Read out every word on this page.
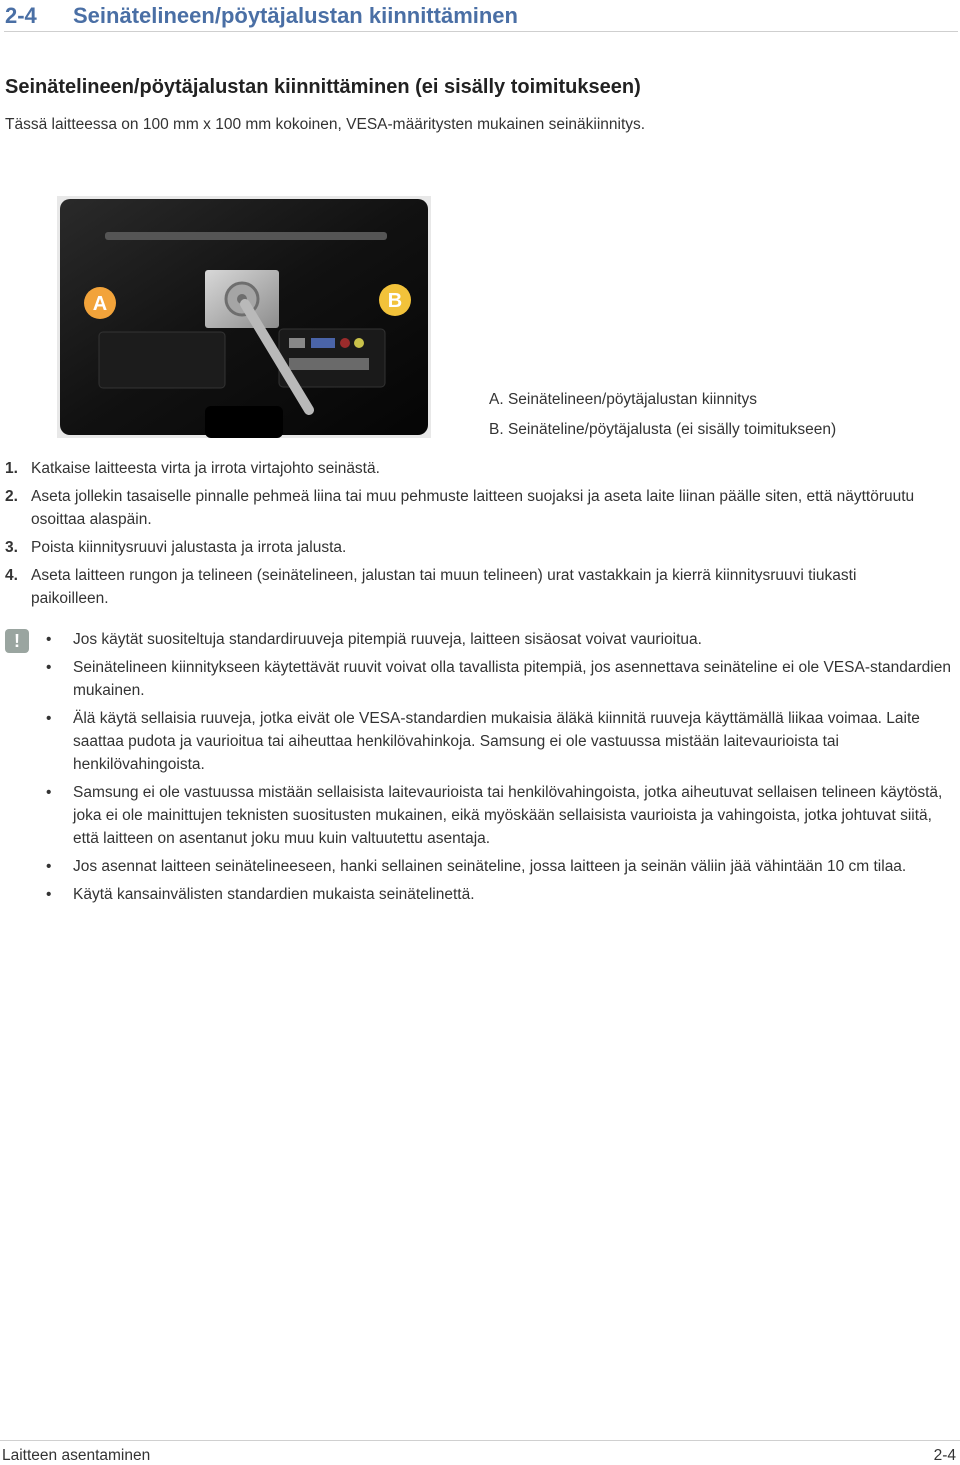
2-4 Seinätelineen/pöytäjalustan kiinnittäminen
Seinätelineen/pöytäjalustan kiinnittäminen (ei sisälly toimitukseen)
Tässä laitteessa on 100 mm x 100 mm kokoinen, VESA-määritysten mukainen seinäkiinnitys.
A	B
A. Seinätelineen/pöytäjalustan kiinnitys
B. Seinäteline/pöytäjalusta (ei sisälly toimitukseen)
1. Katkaise laitteesta virta ja irrota virtajohto seinästä.
2. Aseta jollekin tasaiselle pinnalle pehmeä liina tai muu pehmuste laitteen suojaksi ja aseta laite liinan päälle siten, että näyttöruutu osoittaa alaspäin.
3. Poista kiinnitysruuvi jalustasta ja irrota jalusta.
4. Aseta laitteen rungon ja telineen (seinätelineen, jalustan tai muun telineen) urat vastakkain ja kierrä kiinnitysruuvi tiukasti paikoilleen.
!	• Jos käytät suositeltuja standardiruuveja pitempiä ruuveja, laitteen sisäosat voivat vaurioitua.
• Seinätelineen kiinnitykseen käytettävät ruuvit voivat olla tavallista pitempiä, jos asennettava seinäteline ei ole VESA-standardien mukainen.
• Älä käytä sellaisia ruuveja, jotka eivät ole VESA-standardien mukaisia äläkä kiinnitä ruuveja käyttämällä liikaa voimaa. Laite saattaa pudota ja vaurioitua tai aiheuttaa henkilövahinkoja. Samsung ei ole vastuussa mistään laitevaurioista tai henkilövahingoista.
• Samsung ei ole vastuussa mistään sellaisista laitevaurioista tai henkilövahingoista, jotka aiheutuvat sellaisen telineen käytöstä, joka ei ole mainittujen teknisten suositusten mukainen, eikä myöskään sellaisista vaurioista ja vahingoista, jotka johtuvat siitä, että laitteen on asentanut joku muu kuin valtuutettu asentaja.
• Jos asennat laitteen seinätelineeseen, hanki sellainen seinäteline, jossa laitteen ja seinän väliin jää vähintään 10 cm tilaa.
• Käytä kansainvälisten standardien mukaista seinätelinettä.
Laitteen asentaminen	2-4
